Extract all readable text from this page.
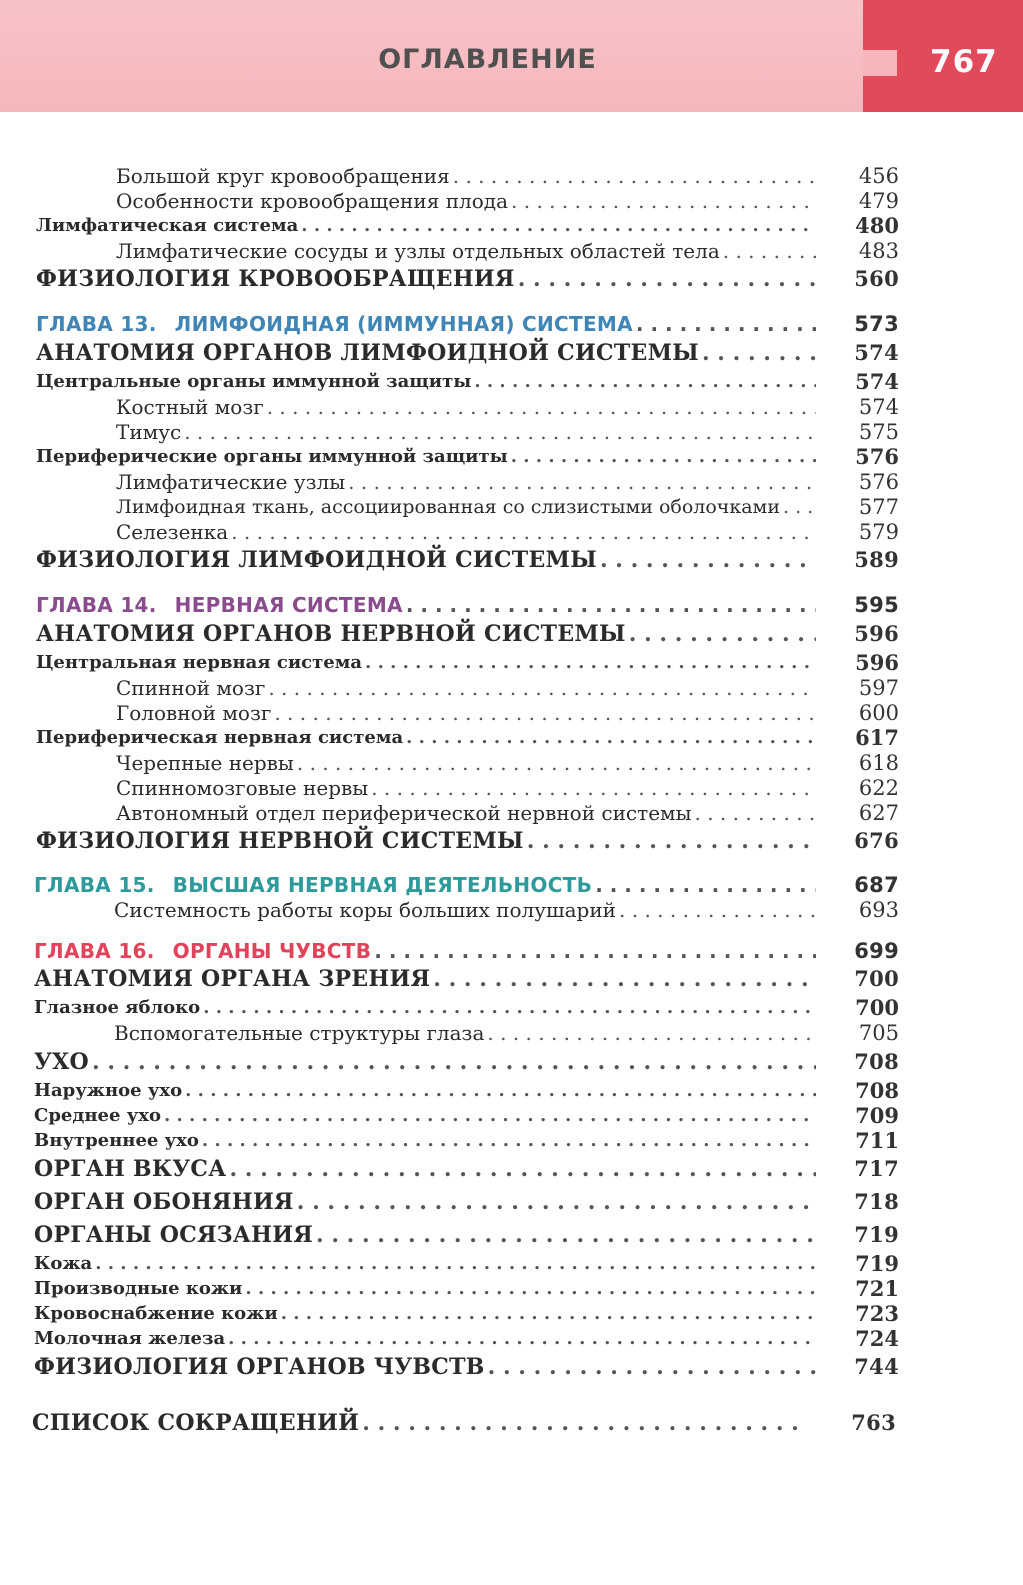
ОГЛАВЛЕНИЕ	767
Большой круг кровообращения . . .	456
Особенности кровообращения плода . . .	479
Лимфатическая система . . .	480
Лимфатические сосуды и узлы отдельных областей тела . . .	483
ФИЗИОЛОГИЯ КРОВООБРАЩЕНИЯ . . .	560
ГЛАВА 13. ЛИМФОИДНАЯ (ИММУННАЯ) СИСТЕМА . . .	573
АНАТОМИЯ ОРГАНОВ ЛИМФОИДНОЙ СИСТЕМЫ . . .	574
Центральные органы иммунной защиты . . .	574
Костный мозг . . .	574
Тимус . . .	575
Периферические органы иммунной защиты . . .	576
Лимфатические узлы . . .	576
Лимфоидная ткань, ассоциированная со слизистыми оболочками . . .	577
Селезенка . . .	579
ФИЗИОЛОГИЯ ЛИМФОИДНОЙ СИСТЕМЫ . . .	589
ГЛАВА 14. НЕРВНАЯ СИСТЕМА . . .	595
АНАТОМИЯ ОРГАНОВ НЕРВНОЙ СИСТЕМЫ . . .	596
Центральная нервная система . . .	596
Спинной мозг . . .	597
Головной мозг . . .	600
Периферическая нервная система . . .	617
Черепные нервы . . .	618
Спинномозговые нервы . . .	622
Автономный отдел периферической нервной системы . . .	627
ФИЗИОЛОГИЯ НЕРВНОЙ СИСТЕМЫ . . .	676
ГЛАВА 15. ВЫСШАЯ НЕРВНАЯ ДЕЯТЕЛЬНОСТЬ . . .	687
Системность работы коры больших полушарий . . .	693
ГЛАВА 16. ОРГАНЫ ЧУВСТВ . . .	699
АНАТОМИЯ ОРГАНА ЗРЕНИЯ . . .	700
Глазное яблоко . . .	700
Вспомогательные структуры глаза . . .	705
УХО . . .	708
Наружное ухо . . .	708
Среднее ухо . . .	709
Внутреннее ухо . . .	711
ОРГАН ВКУСА . . .	717
ОРГАН ОБОНЯНИЯ . . .	718
ОРГАНЫ ОСЯЗАНИЯ . . .	719
Кожа . . .	719
Производные кожи . . .	721
Кровоснабжение кожи . . .	723
Молочная железа . . .	724
ФИЗИОЛОГИЯ ОРГАНОВ ЧУВСТВ . . .	744
СПИСОК СОКРАЩЕНИЙ . . .	763
